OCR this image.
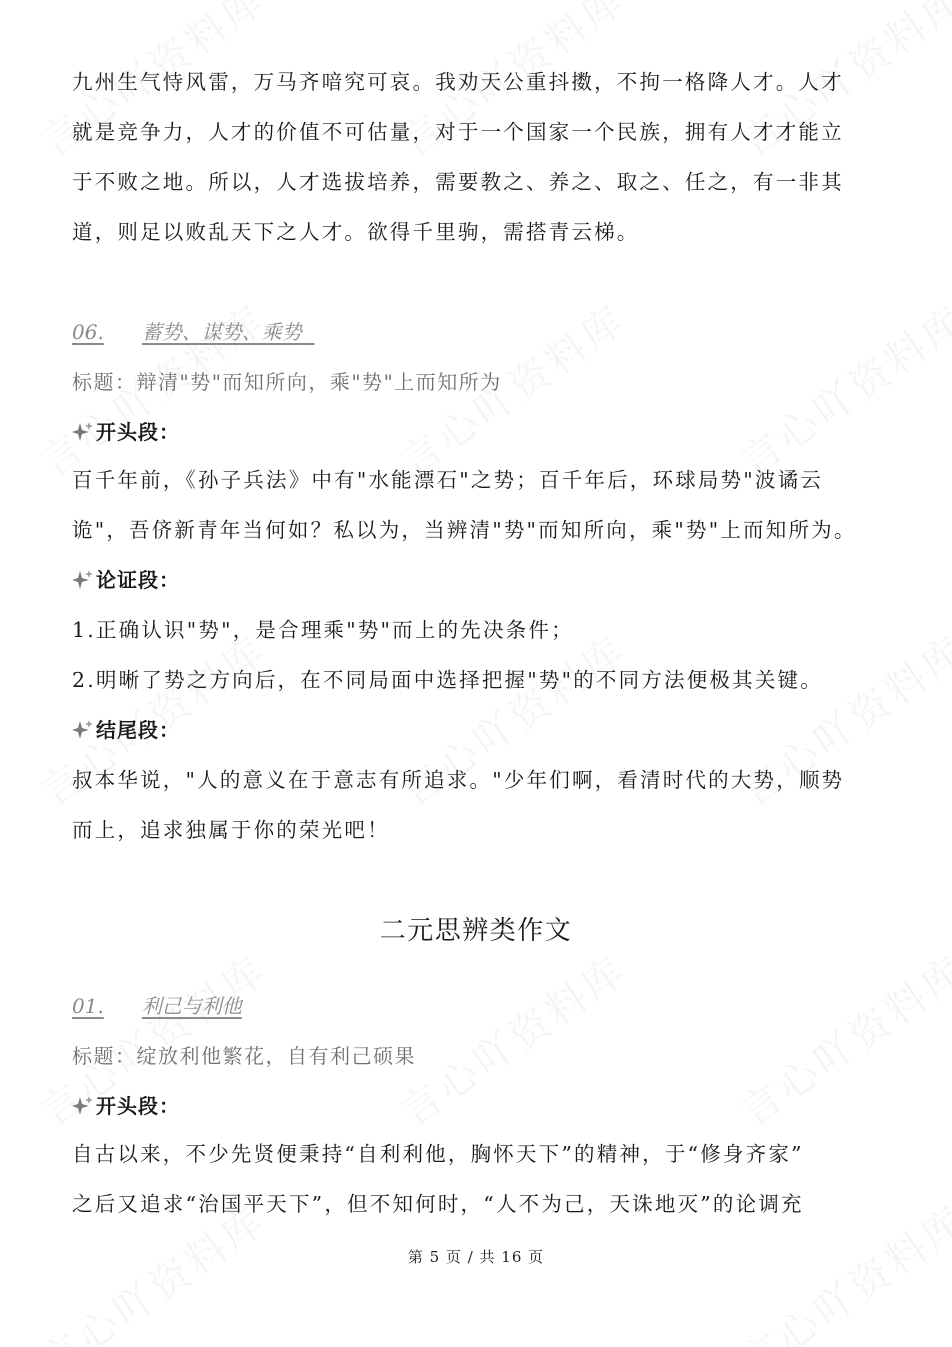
九州生气恃风雷，万马齐喑究可哀。我劝天公重抖擞，不拘一格降人才。人才
就是竞争力，人才的价值不可估量，对于一个国家一个民族，拥有人才才能立
于不败之地。所以，人才选拔培养，需要教之、养之、取之、任之，有一非其
道，则足以败乱天下之人才。欲得千里驹，需搭青云梯。
06. 蓄势、谋势、乘势
标题：辩清"势"而知所向，乘"势"上而知所为
开头段：
百千年前，《孙子兵法》中有"水能漂石"之势；百千年后，环球局势"波谲云
诡"，吾侪新青年当何如？私以为，当辨清"势"而知所向，乘"势"上而知所为。
论证段：
1.正确认识"势"，是合理乘"势"而上的先决条件；
2.明晰了势之方向后，在不同局面中选择把握"势"的不同方法便极其关键。
结尾段：
叔本华说，"人的意义在于意志有所追求。"少年们啊，看清时代的大势，顺势
而上，追求独属于你的荣光吧！
二元思辨类作文
01. 利己与利他
标题：绽放利他繁花，自有利己硕果
开头段：
自古以来，不少先贤便秉持“自利利他，胸怀天下”的精神，于“修身齐家”
之后又追求“治国平天下”，但不知何时，“人不为己，天诛地灭”的论调充
第 5 页 / 共 16 页
